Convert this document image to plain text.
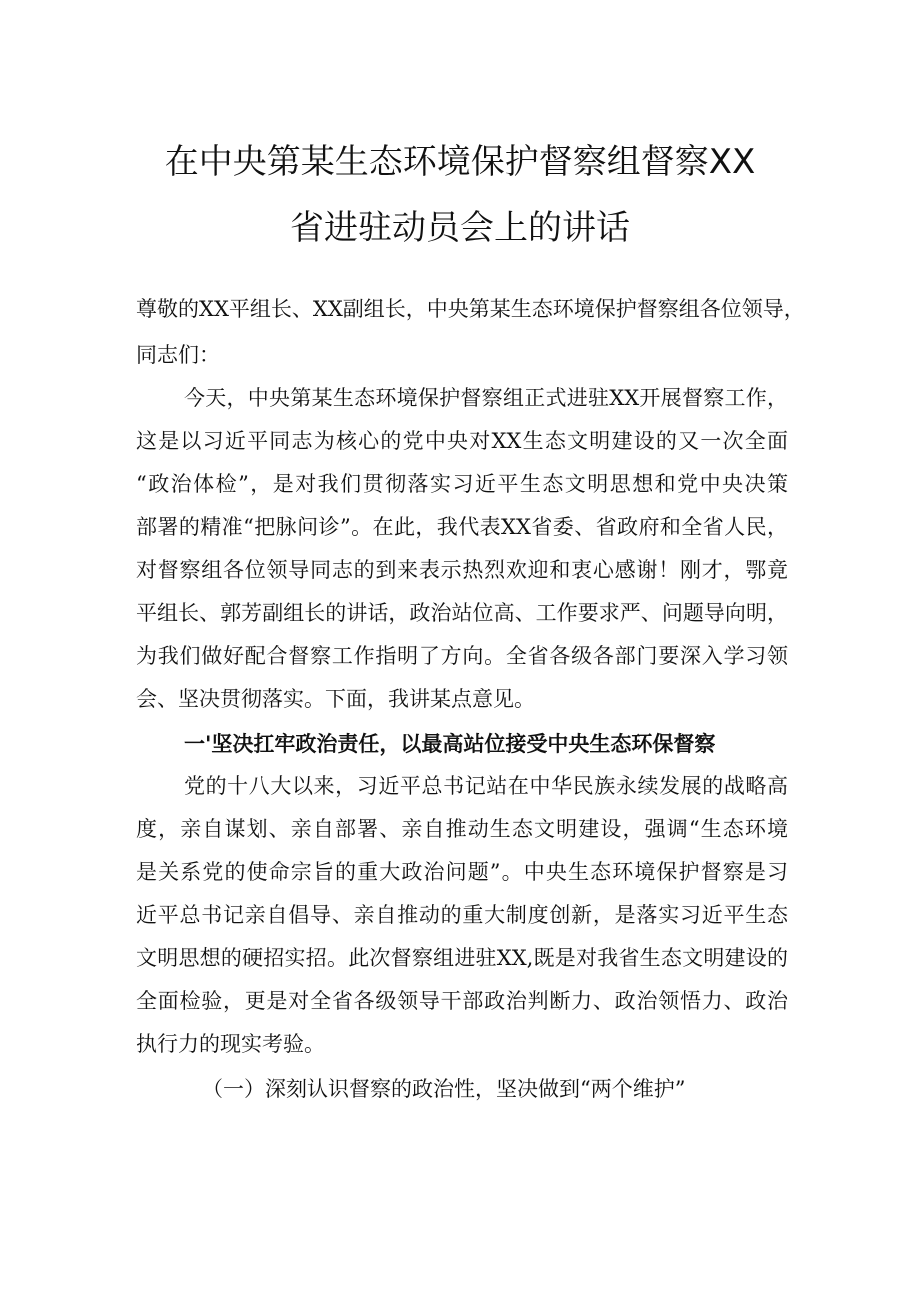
在中央第某生态环境保护督察组督察XX
省进驻动员会上的讲话
尊敬的XX平组长、XX副组长，中央第某生态环境保护督察组各位领导，
同志们：
今天，中央第某生态环境保护督察组正式进驻XX开展督察工作，
这是以习近平同志为核心的党中央对XX生态文明建设的又一次全面
“政治体检”，是对我们贯彻落实习近平生态文明思想和党中央决策
部署的精准“把脉问诊”。在此，我代表XX省委、省政府和全省人民，
对督察组各位领导同志的到来表示热烈欢迎和衷心感谢！刚才，鄂竟
平组长、郭芳副组长的讲话，政治站位高、工作要求严、问题导向明，
为我们做好配合督察工作指明了方向。全省各级各部门要深入学习领
会、坚决贯彻落实。下面，我讲某点意见。
一'坚决扛牢政治责任，以最高站位接受中央生态环保督察
党的十八大以来，习近平总书记站在中华民族永续发展的战略高
度，亲自谋划、亲自部署、亲自推动生态文明建设，强调“生态环境
是关系党的使命宗旨的重大政治问题”。中央生态环境保护督察是习
近平总书记亲自倡导、亲自推动的重大制度创新，是落实习近平生态
文明思想的硬招实招。此次督察组进驻XX,既是对我省生态文明建设的
全面检验，更是对全省各级领导干部政治判断力、政治领悟力、政治
执行力的现实考验。
（一）深刻认识督察的政治性，坚决做到“两个维护”
